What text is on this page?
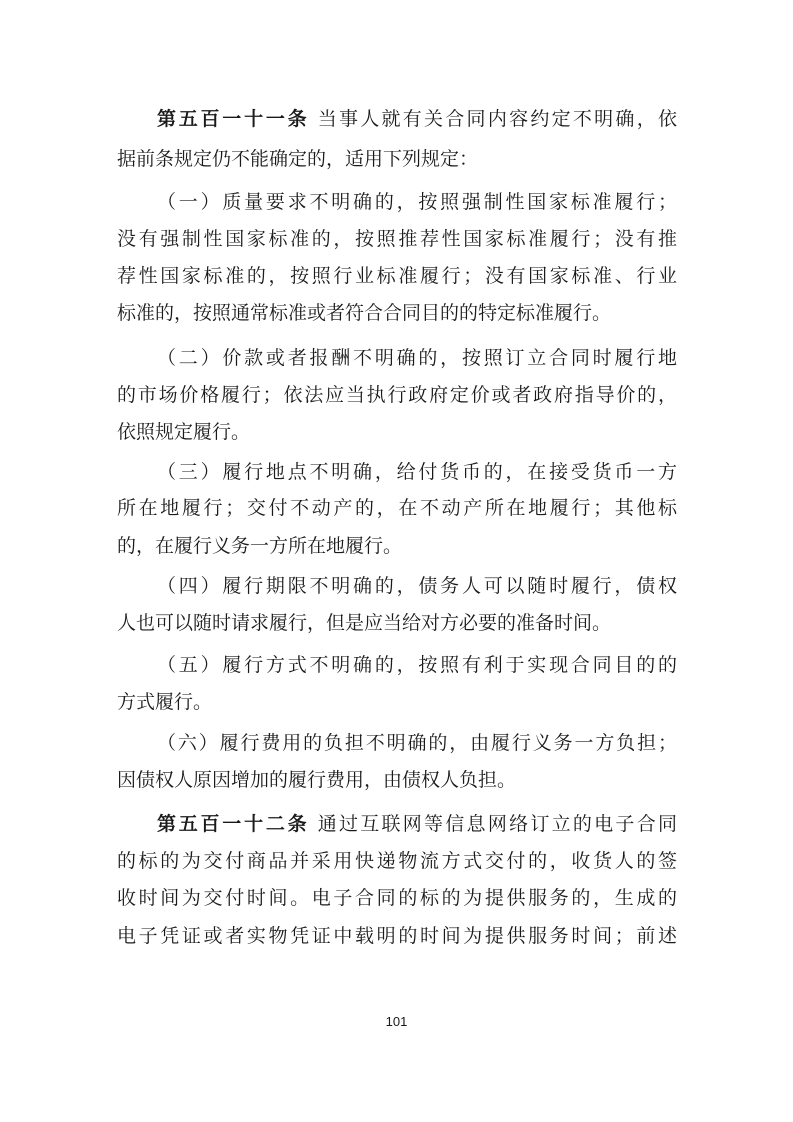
第五百一十一条 当事人就有关合同内容约定不明确，依
据前条规定仍不能确定的，适用下列规定：
（一）质量要求不明确的，按照强制性国家标准履行；
没有强制性国家标准的，按照推荐性国家标准履行；没有推
荐性国家标准的，按照行业标准履行；没有国家标准、行业
标准的，按照通常标准或者符合合同目的的特定标准履行。
（二）价款或者报酬不明确的，按照订立合同时履行地
的市场价格履行；依法应当执行政府定价或者政府指导价的，
依照规定履行。
（三）履行地点不明确，给付货币的，在接受货币一方
所在地履行；交付不动产的，在不动产所在地履行；其他标
的，在履行义务一方所在地履行。
（四）履行期限不明确的，债务人可以随时履行，债权
人也可以随时请求履行，但是应当给对方必要的准备时间。
（五）履行方式不明确的，按照有利于实现合同目的的
方式履行。
（六）履行费用的负担不明确的，由履行义务一方负担；
因债权人原因增加的履行费用，由债权人负担。
第五百一十二条 通过互联网等信息网络订立的电子合同
的标的为交付商品并采用快递物流方式交付的，收货人的签
收时间为交付时间。电子合同的标的为提供服务的，生成的
电子凭证或者实物凭证中载明的时间为提供服务时间；前述
101
